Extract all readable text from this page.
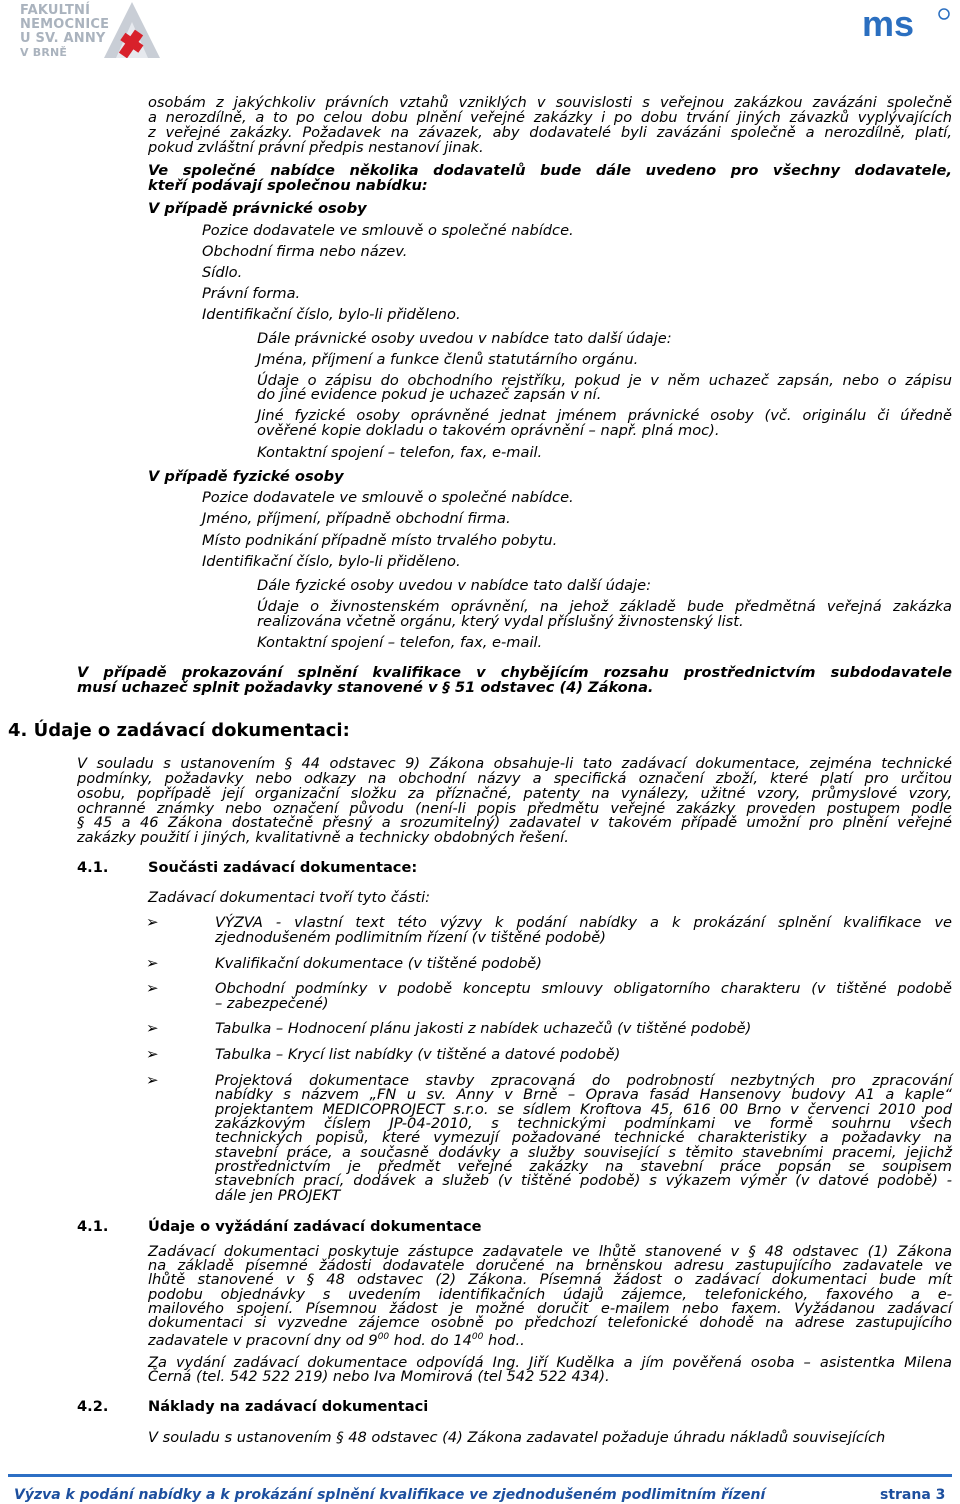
FAKULTNÍ
NEMOCNICE
U SV. ANNY
V BRNĚ
ms
osobám z jakýchkoliv právních vztahů vzniklých v souvislosti s veřejnou zakázkou zavázáni společně
a nerozdílně, a to po celou dobu plnění veřejné zakázky i po dobu trvání jiných závazků vyplývajících
z veřejné zakázky. Požadavek na závazek, aby dodavatelé byli zavázáni společně a nerozdílně, platí,
pokud zvláštní právní předpis nestanoví jinak.
Ve společné nabídce několika dodavatelů bude dále uvedeno pro všechny dodavatele,
kteří podávají společnou nabídku:
V případě právnické osoby
Pozice dodavatele ve smlouvě o společné nabídce.
Obchodní firma nebo název.
Sídlo.
Právní forma.
Identifikační číslo, bylo-li přiděleno.
Dále právnické osoby uvedou v nabídce tato další údaje:
Jména, příjmení a funkce členů statutárního orgánu.
Údaje o zápisu do obchodního rejstříku, pokud je v něm uchazeč zapsán, nebo o zápisu
do jiné evidence pokud je uchazeč zapsán v ní.
Jiné fyzické osoby oprávněné jednat jménem právnické osoby (vč. originálu či úředně
ověřené kopie dokladu o takovém oprávnění – např. plná moc).
Kontaktní spojení – telefon, fax, e-mail.
V případě fyzické osoby
Pozice dodavatele ve smlouvě o společné nabídce.
Jméno, příjmení, případně obchodní firma.
Místo podnikání případně místo trvalého pobytu.
Identifikační číslo, bylo-li přiděleno.
Dále fyzické osoby uvedou v nabídce tato další údaje:
Údaje o živnostenském oprávnění, na jehož základě bude předmětná veřejná zakázka
realizována včetně orgánu, který vydal příslušný živnostenský list.
Kontaktní spojení – telefon, fax, e-mail.
V případě prokazování splnění kvalifikace v chybějícím rozsahu prostřednictvím subdodavatele
musí uchazeč splnit požadavky stanovené v § 51 odstavec (4) Zákona.
4. Údaje o zadávací dokumentaci:
V souladu s ustanovením § 44 odstavec 9) Zákona obsahuje-li tato zadávací dokumentace, zejména technické
podmínky, požadavky nebo odkazy na obchodní názvy a specifická označení zboží, které platí pro určitou
osobu, popřípadě její organizační složku za příznačné, patenty na vynálezy, užitné vzory, průmyslové vzory,
ochranné známky nebo označení původu (není-li popis předmětu veřejné zakázky proveden postupem podle
§ 45 a 46 Zákona dostatečně přesný a srozumitelný) zadavatel v takovém případě umožní pro plnění veřejné
zakázky použití i jiných, kvalitativně a technicky obdobných řešení.
4.1.	Součásti zadávací dokumentace:
Zadávací dokumentaci tvoří tyto části:
➢	VÝZVA - vlastní text této výzvy k podání nabídky a k prokázání splnění kvalifikace ve
zjednodušeném podlimitním řízení (v tištěné podobě)
➢	Kvalifikační dokumentace (v tištěné podobě)
➢	Obchodní podmínky v podobě konceptu smlouvy obligatorního charakteru (v tištěné podobě
– zabezpečené)
➢	Tabulka – Hodnocení plánu jakosti z nabídek uchazečů (v tištěné podobě)
➢	Tabulka – Krycí list nabídky (v tištěné a datové podobě)
➢	Projektová dokumentace stavby zpracovaná do podrobností nezbytných pro zpracování
nabídky s názvem „FN u sv. Anny v Brně – Oprava fasád Hansenovy budovy A1 a kaple“
projektantem MEDICOPROJECT s.r.o. se sídlem Kroftova 45, 616 00 Brno v červenci 2010 pod
zakázkovým číslem JP-04-2010, s technickými podmínkami ve formě souhrnu všech
technických popisů, které vymezují požadované technické charakteristiky a požadavky na
stavební práce, a současně dodávky a služby související s těmito stavebními pracemi, jejichž
prostřednictvím je předmět veřejné zakázky na stavební práce popsán se soupisem
stavebních prací, dodávek a služeb (v tištěné podobě) s výkazem výměr (v datové podobě) -
dále jen PROJEKT
4.1.	Údaje o vyžádání zadávací dokumentace
Zadávací dokumentaci poskytuje zástupce zadavatele ve lhůtě stanovené v § 48 odstavec (1) Zákona
na základě písemné žádosti dodavatele doručené na brněnskou adresu zastupujícího zadavatele ve
lhůtě stanovené v § 48 odstavec (2) Zákona. Písemná žádost o zadávací dokumentaci bude mít
podobu objednávky s uvedením identifikačních údajů zájemce, telefonického, faxového a e-
mailového spojení. Písemnou žádost je možné doručit e-mailem nebo faxem. Vyžádanou zadávací
dokumentaci si vyzvedne zájemce osobně po předchozí telefonické dohodě na adrese zastupujícího
zadavatele v pracovní dny od $9^{00}$ hod. do $14^{00}$ hod..
Za vydání zadávací dokumentace odpovídá Ing. Jiří Kudělka a jím pověřená osoba – asistentka Milena
Černá (tel. 542 522 219) nebo Iva Momirová (tel 542 522 434).
4.2.	Náklady na zadávací dokumentaci
V souladu s ustanovením § 48 odstavec (4) Zákona zadavatel požaduje úhradu nákladů souvisejících
Výzva k podání nabídky a k prokázání splnění kvalifikace ve zjednodušeném podlimitním řízení	strana 3
